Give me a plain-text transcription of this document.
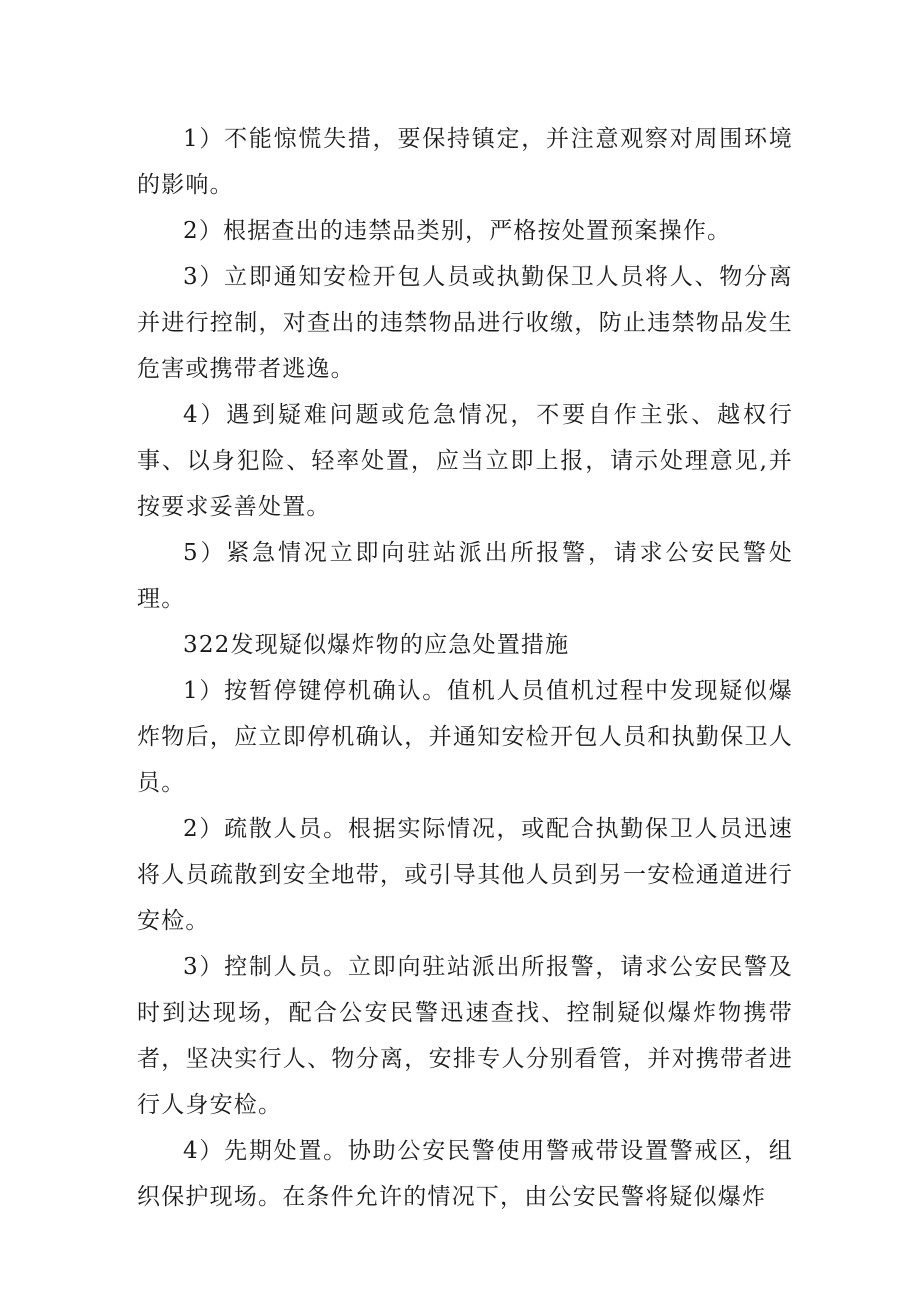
1）不能惊慌失措，要保持镇定，并注意观察对周围环境的影响。

2）根据查出的违禁品类别，严格按处置预案操作。

3）立即通知安检开包人员或执勤保卫人员将人、物分离并进行控制，对查出的违禁物品进行收缴，防止违禁物品发生危害或携带者逃逸。

4）遇到疑难问题或危急情况，不要自作主张、越权行事、以身犯险、轻率处置，应当立即上报，请示处理意见,并按要求妥善处置。

5）紧急情况立即向驻站派出所报警，请求公安民警处理。

322发现疑似爆炸物的应急处置措施

1）按暂停键停机确认。值机人员值机过程中发现疑似爆炸物后，应立即停机确认，并通知安检开包人员和执勤保卫人员。

2）疏散人员。根据实际情况，或配合执勤保卫人员迅速将人员疏散到安全地带，或引导其他人员到另一安检通道进行安检。

3）控制人员。立即向驻站派出所报警，请求公安民警及时到达现场，配合公安民警迅速查找、控制疑似爆炸物携带者，坚决实行人、物分离，安排专人分别看管，并对携带者进行人身安检。

4）先期处置。协助公安民警使用警戒带设置警戒区，组织保护现场。在条件允许的情况下，由公安民警将疑似爆炸
